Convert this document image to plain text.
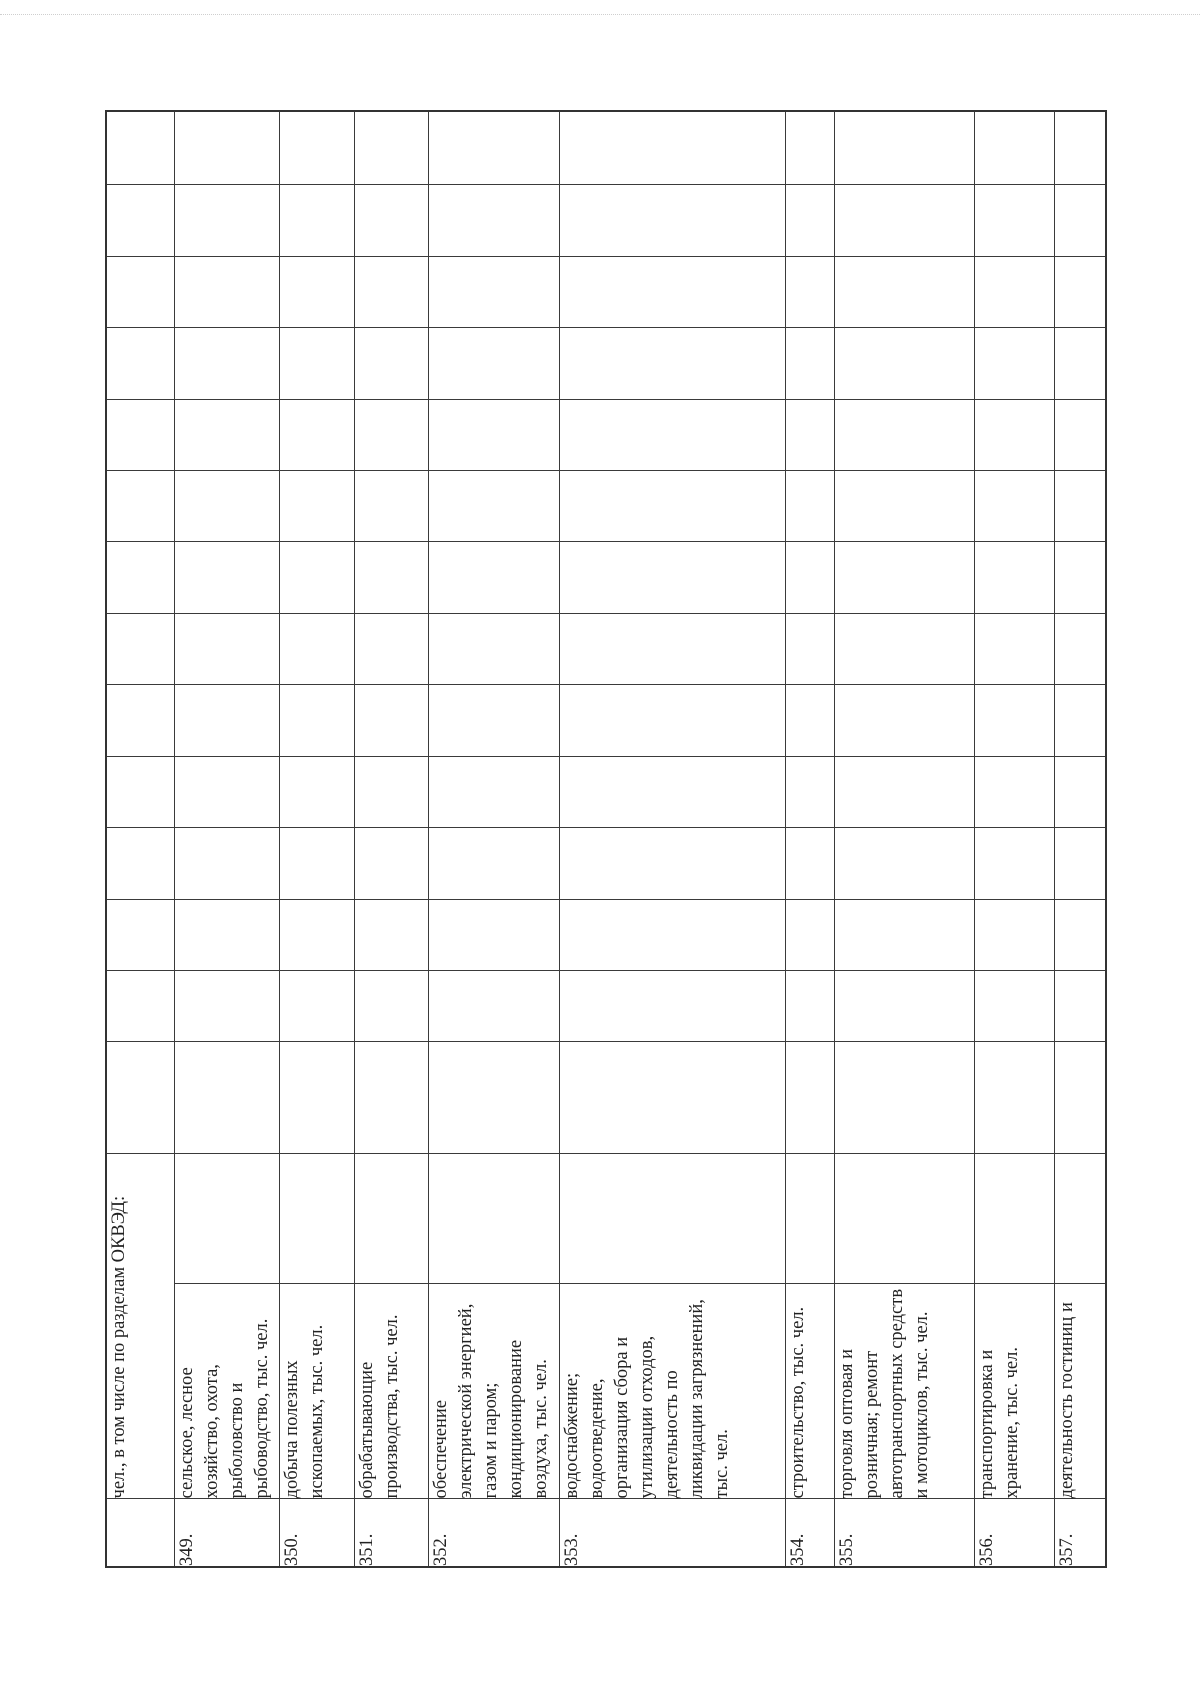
	чел., в том числе по разделам ОКВЭД:															
349.	сельское, лесное хозяйство, охота, рыболовство и рыбоводство, тыс. чел.															
350.	добыча полезных ископаемых, тыс. чел.															
351.	обрабатывающие производства, тыс. чел.															
352.	обеспечение электрической энергией, газом и паром; кондиционирование воздуха, тыс. чел.															
353.	водоснабжение; водоотведение, организация сбора и утилизации отходов, деятельность по ликвидации загрязнений, тыс. чел.															
354.	строительство, тыс. чел.															
355.	торговля оптовая и розничная; ремонт автотранспортных средств и мотоциклов, тыс. чел.															
356.	транспортировка и хранение, тыс. чел.															
357.	деятельность гостиниц и															
